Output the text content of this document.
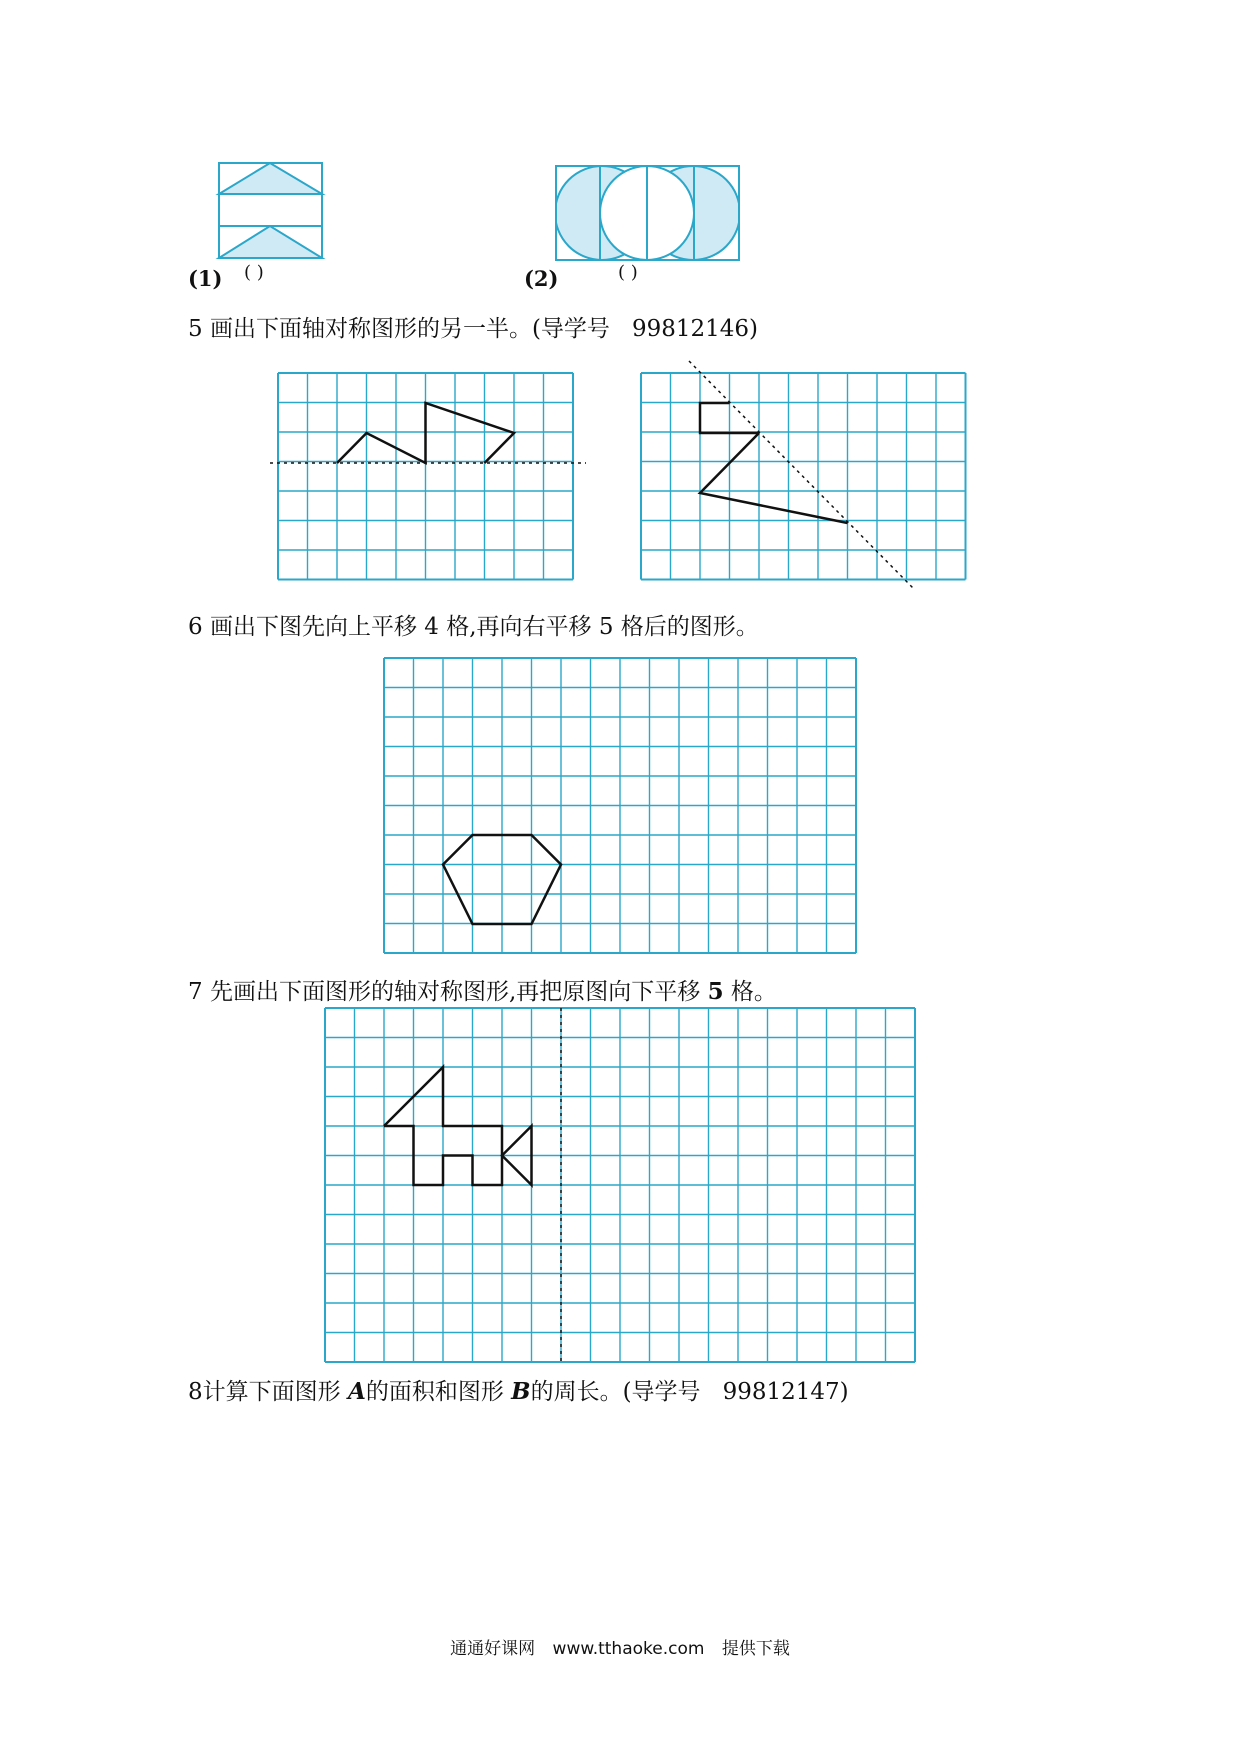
(1) ( )	(2)	( )
5 画出下面轴对称图形的另一半。(导学号 99812146)
6 画出下图先向上平移 4 格,再向右平移 5 格后的图形。
7 先画出下面图形的轴对称图形,再把原图向下平移 5 格。
8计算下面图形 A的面积和图形 B的周长。(导学号 99812147)
通通好课网 www.tthaoke.com 提供下载
